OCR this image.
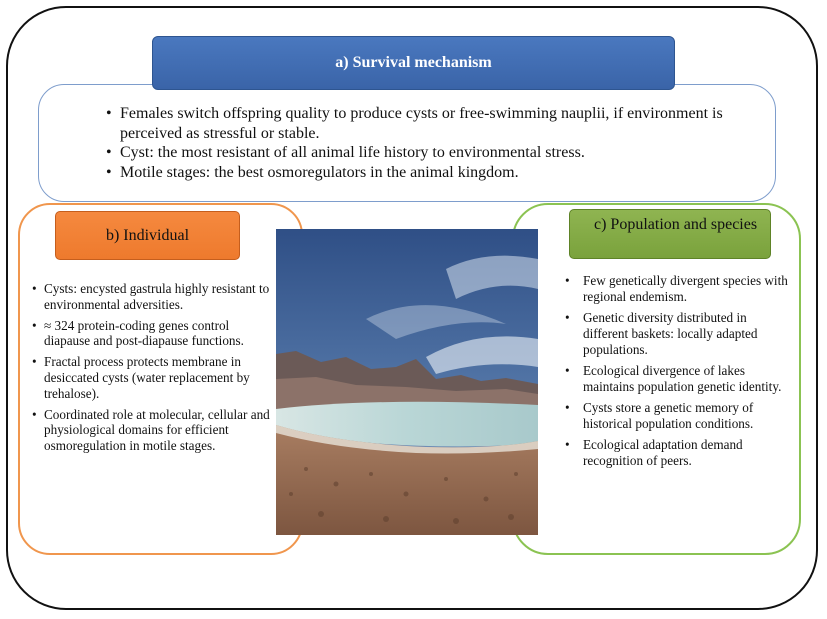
a) Survival mechanism
• Females switch offspring quality to produce cysts or free-swimming nauplii, if environment is perceived as stressful or stable.
• Cyst: the most resistant of all animal life history to environmental stress.
• Motile stages: the best osmoregulators in the animal kingdom.
b) Individual
• Cysts: encysted gastrula highly resistant to environmental adversities.
• ≈ 324 protein-coding genes control diapause and post-diapause functions.
• Fractal process protects membrane in desiccated cysts (water replacement by trehalose).
• Coordinated role at molecular, cellular and physiological domains for efficient osmoregulation in motile stages.
c) Population and species
• Few genetically divergent species with regional endemism.
• Genetic diversity distributed in different baskets: locally adapted populations.
• Ecological divergence of lakes maintains population genetic identity.
• Cysts store a genetic memory of historical population conditions.
• Ecological adaptation demand recognition of peers.
